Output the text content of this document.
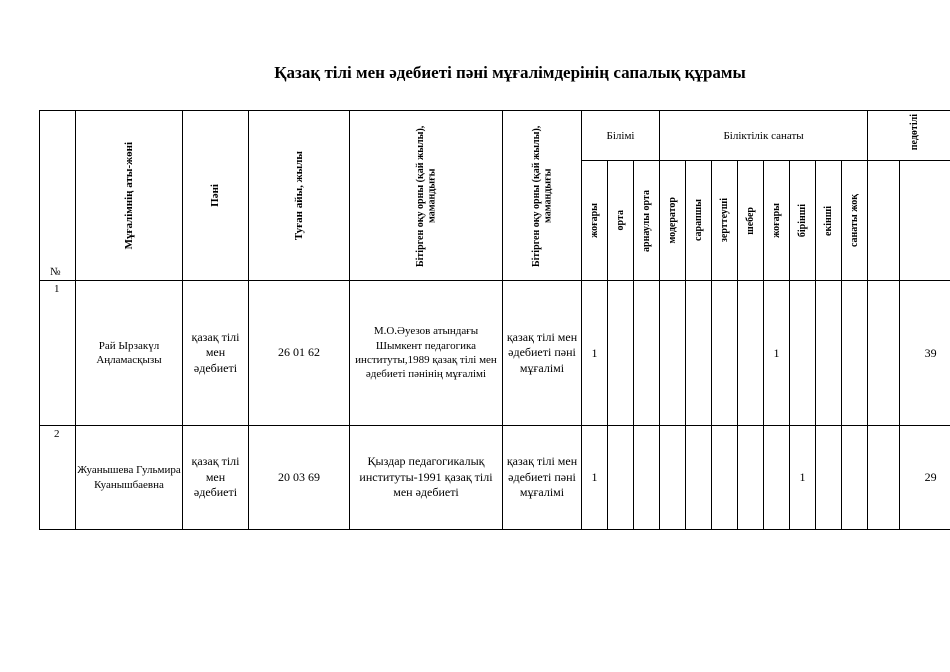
Қазақ тілі мен әдебиеті пәні мұғалімдерінің сапалық құрамы
№	Мұғалімнің аты-жөні	Пәні	Туған айы, жылы	Бітірген оқу орны (қай жылы), мамандығы	Бітірген оқу орны (қай жылы), мамандығы	Білімі			Біліктілік санаты								педөтілі	

						жоғары	орта	арнаулы орта	модератор	сарапшы	зерттеуші	шебер	жоғары	бірінші	екінші	санаты жоқ		

1	Рай Ырзакүл Аңламасқызы	қазақ тілі мен әдебиеті	26 01 62	М.О.Әуезов атындағы Шымкент педагогика институты,1989 қазақ тілі мен әдебиеті пәнінің мұғалімі	қазақ тілі мен әдебиеті пәні мұғалімі	1							1					39
2	Жуанышева Гульмира Куанышбаевна	қазақ тілі мен әдебиеті	20 03 69	Қыздар педагогикалық институты-1991 қазақ тілі мен әдебиеті	қазақ тілі мен әдебиеті пәні мұғалімі	1								1				29
